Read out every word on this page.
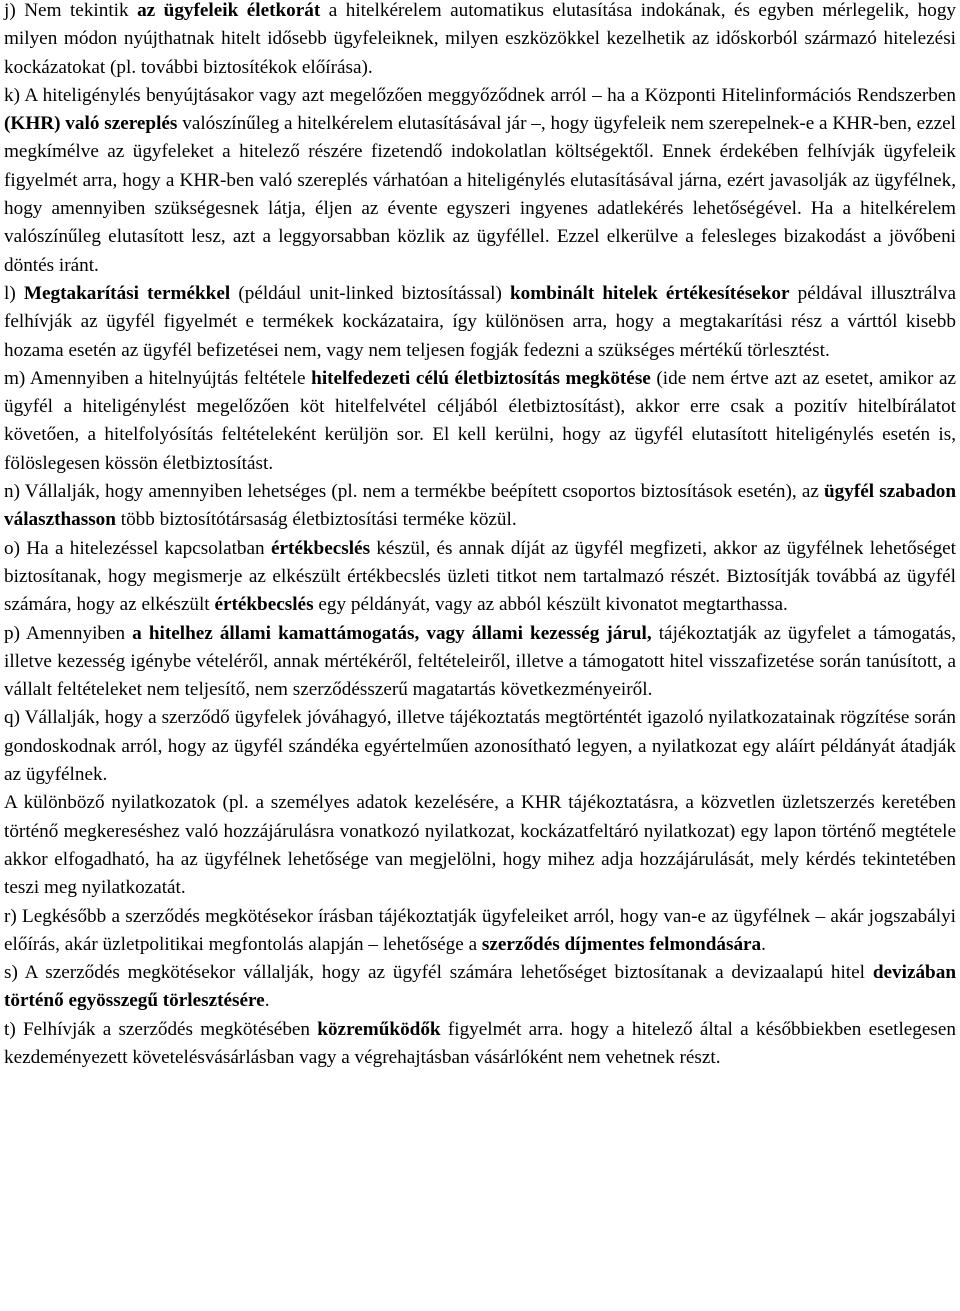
j) Nem tekintik az ügyfeleik életkorát a hitelkérelem automatikus elutasítása indokának, és egyben mérlegelik, hogy milyen módon nyújthatnak hitelt idősebb ügyfeleiknek, milyen eszközökkel kezelhetik az időskorból származó hitelezési kockázatokat (pl. további biztosítékok előírása).

k) A hiteligénylés benyújtásakor vagy azt megelőzően meggyőződnek arról – ha a Központi Hitelinformációs Rendszerben (KHR) való szereplés valószínűleg a hitelkérelem elutasításával jár –, hogy ügyfeleik nem szerepelnek-e a KHR-ben, ezzel megkímélve az ügyfeleket a hitelező részére fizetendő indokolatlan költségektől. Ennek érdekében felhívják ügyfeleik figyelmét arra, hogy a KHR-ben való szereplés várhatóan a hiteligénylés elutasításával járna, ezért javasolják az ügyfélnek, hogy amennyiben szükségesnek látja, éljen az évente egyszeri ingyenes adatlekérés lehetőségével. Ha a hitelkérelem valószínűleg elutasított lesz, azt a leggyorsabban közlik az ügyféllel. Ezzel elkerülve a felesleges bizakodást a jövőbeni döntés iránt.

l) Megtakarítási termékkel (például unit-linked biztosítással) kombinált hitelek értékesítésekor példával illusztrálva felhívják az ügyfél figyelmét e termékek kockázataira, így különösen arra, hogy a megtakarítási rész a várttól kisebb hozama esetén az ügyfél befizetései nem, vagy nem teljesen fogják fedezni a szükséges mértékű törlesztést.

m) Amennyiben a hitelnyújtás feltétele hitelfedezeti célú életbiztosítás megkötése (ide nem értve azt az esetet, amikor az ügyfél a hiteligénylést megelőzően köt hitelfelvétel céljából életbiztosítást), akkor erre csak a pozitív hitelbírálatot követően, a hitelfolyósítás feltételeként kerüljön sor. El kell kerülni, hogy az ügyfél elutasított hiteligénylés esetén is, fölöslegesen kössön életbiztosítást.

n) Vállalják, hogy amennyiben lehetséges (pl. nem a termékbe beépített csoportos biztosítások esetén), az ügyfél szabadon választhasson több biztosítótársaság életbiztosítási terméke közül.

o) Ha a hitelezéssel kapcsolatban értékbecslés készül, és annak díját az ügyfél megfizeti, akkor az ügyfélnek lehetőséget biztosítanak, hogy megismerje az elkészült értékbecslés üzleti titkot nem tartalmazó részét. Biztosítják továbbá az ügyfél számára, hogy az elkészült értékbecslés egy példányát, vagy az abból készült kivonatot megtarthassa.

p) Amennyiben a hitelhez állami kamattámogatás, vagy állami kezesség járul, tájékoztatják az ügyfelet a támogatás, illetve kezesség igénybe vételéről, annak mértékéről, feltételeiről, illetve a támogatott hitel visszafizetése során tanúsított, a vállalt feltételeket nem teljesítő, nem szerződésszerű magatartás következményeiről.

q) Vállalják, hogy a szerződő ügyfelek jóváhagyó, illetve tájékoztatás megtörténtét igazoló nyilatkozatainak rögzítése során gondoskodnak arról, hogy az ügyfél szándéka egyértelműen azonosítható legyen, a nyilatkozat egy aláírt példányát átadják az ügyfélnek.

A különböző nyilatkozatok (pl. a személyes adatok kezelésére, a KHR tájékoztatásra, a közvetlen üzletszerzés keretében történő megkereséshez való hozzájárulásra vonatkozó nyilatkozat, kockázatfeltáró nyilatkozat) egy lapon történő megtétele akkor elfogadható, ha az ügyfélnek lehetősége van megjelölni, hogy mihez adja hozzájárulását, mely kérdés tekintetében teszi meg nyilatkozatát.

r) Legkésőbb a szerződés megkötésekor írásban tájékoztatják ügyfeleiket arról, hogy van-e az ügyfélnek – akár jogszabályi előírás, akár üzletpolitikai megfontolás alapján – lehetősége a szerződés díjmentes felmondására.

s) A szerződés megkötésekor vállalják, hogy az ügyfél számára lehetőséget biztosítanak a devizaalapú hitel devizában történő egyösszegű törlesztésére.

t) Felhívják a szerződés megkötésében közreműködők figyelmét arra. hogy a hitelező által a későbbiekben esetlegesen kezdeményezett követelésvásárlásban vagy a végrehajtásban vásárlóként nem vehetnek részt.
